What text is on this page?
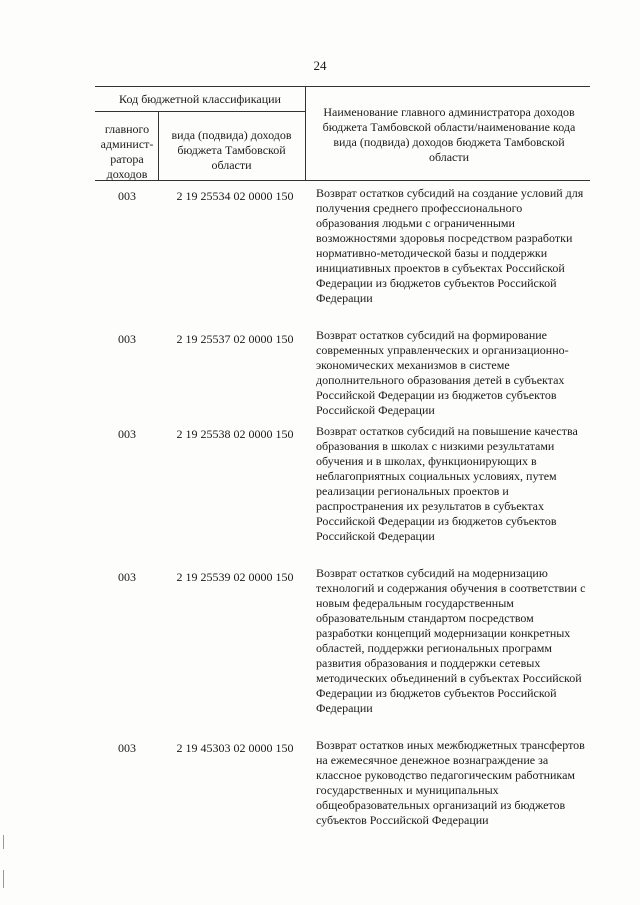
24
Код бюджетной классификации
главного админист-ратора доходов
вида (подвида) доходов бюджета Тамбовской области
Наименование главного администратора доходов бюджета Тамбовской области/наименование кода вида (подвида) доходов бюджета Тамбовской области
003	2 19 25534 02 0000 150	Возврат остатков субсидий на создание условий для получения среднего профессионального образования людьми с ограниченными возможностями здоровья посредством разработки нормативно-методической базы и поддержки инициативных проектов в субъектах Российской Федерации из бюджетов субъектов Российской Федерации
003	2 19 25537 02 0000 150	Возврат остатков субсидий на формирование современных управленческих и организационно-экономических механизмов в системе дополнительного образования детей в субъектах Российской Федерации из бюджетов субъектов Российской Федерации
003	2 19 25538 02 0000 150	Возврат остатков субсидий на повышение качества образования в школах с низкими результатами обучения и в школах, функционирующих в неблагоприятных социальных условиях, путем реализации региональных проектов и распространения их результатов в субъектах Российской Федерации из бюджетов субъектов Российской Федерации
003	2 19 25539 02 0000 150	Возврат остатков субсидий на модернизацию технологий и содержания обучения в соответствии с новым федеральным государственным образовательным стандартом посредством разработки концепций модернизации конкретных областей, поддержки региональных программ развития образования и поддержки сетевых методических объединений в субъектах Российской Федерации из бюджетов субъектов Российской Федерации
003	2 19 45303 02 0000 150	Возврат остатков иных межбюджетных трансфертов на ежемесячное денежное вознаграждение за классное руководство педагогическим работникам государственных и муниципальных общеобразовательных организаций из бюджетов субъектов Российской Федерации
